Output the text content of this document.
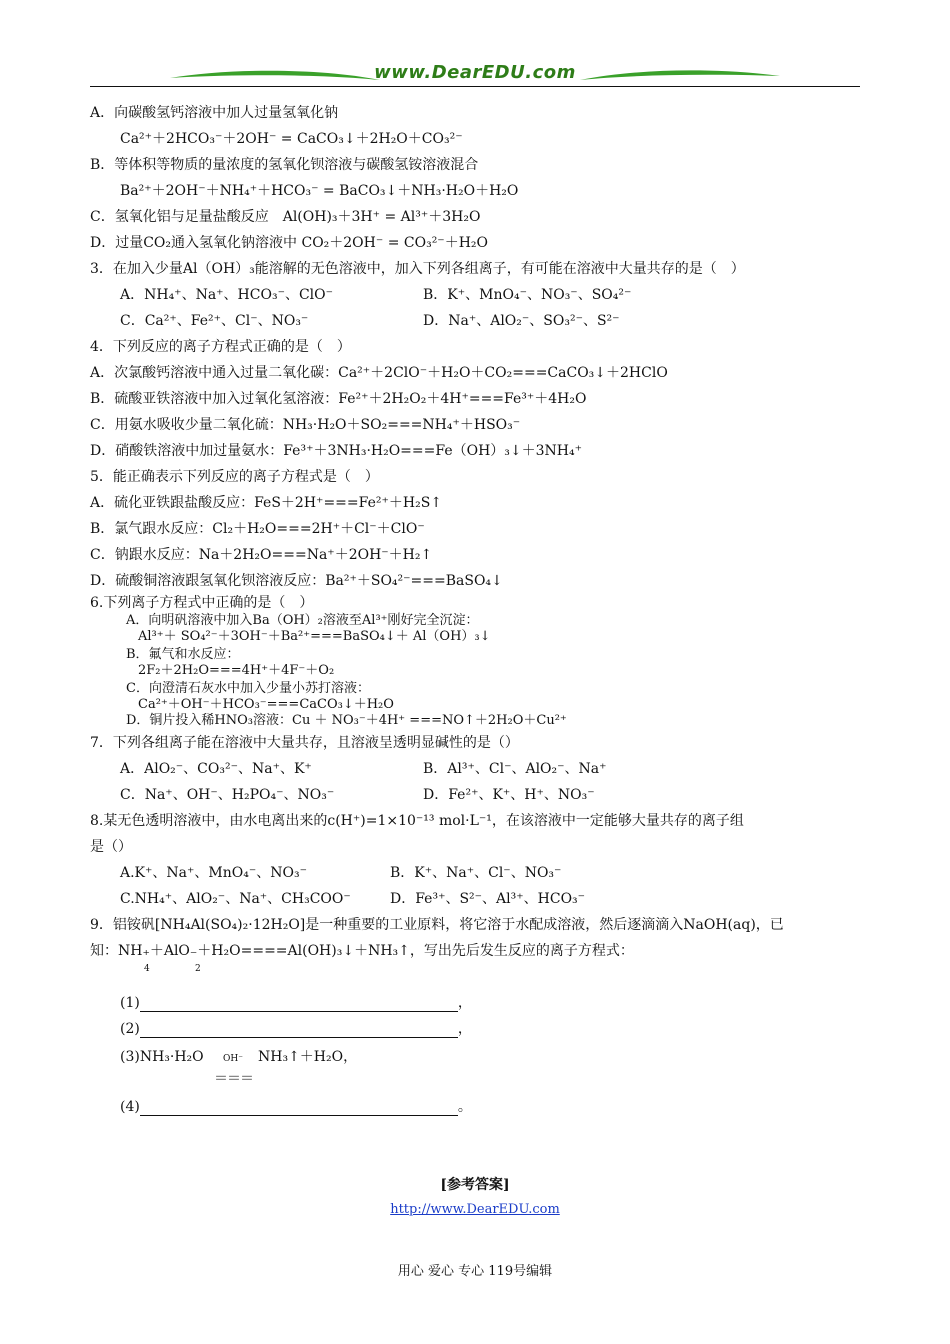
www.DearEDU.com
A．向碳酸氢钙溶液中加人过量氢氧化钠
Ca²⁺＋2HCO₃⁻＋2OH⁻ = CaCO₃↓＋2H₂O＋CO₃²⁻
B．等体积等物质的量浓度的氢氧化钡溶液与碳酸氢铵溶液混合
Ba²⁺＋2OH⁻＋NH₄⁺＋HCO₃⁻ = BaCO₃↓＋NH₃·H₂O＋H₂O
C．氢氧化铝与足量盐酸反应　Al(OH)₃＋3H⁺ = Al³⁺＋3H₂O
D．过量CO₂通入氢氧化钠溶液中 CO₂＋2OH⁻ = CO₃²⁻＋H₂O
3．在加入少量Al（OH）₃能溶解的无色溶液中，加入下列各组离子，有可能在溶液中大量共存的是（　）
A．NH₄⁺、Na⁺、HCO₃⁻、ClO⁻	B．K⁺、MnO₄⁻、NO₃⁻、SO₄²⁻
C．Ca²⁺、Fe²⁺、Cl⁻、NO₃⁻	D．Na⁺、AlO₂⁻、SO₃²⁻、S²⁻
4．下列反应的离子方程式正确的是（　）
A．次氯酸钙溶液中通入过量二氧化碳：Ca²⁺＋2ClO⁻＋H₂O＋CO₂===CaCO₃↓＋2HClO
B．硫酸亚铁溶液中加入过氧化氢溶液：Fe²⁺＋2H₂O₂＋4H⁺===Fe³⁺＋4H₂O
C．用氨水吸收少量二氧化硫：NH₃·H₂O＋SO₂===NH₄⁺＋HSO₃⁻
D．硝酸铁溶液中加过量氨水：Fe³⁺＋3NH₃·H₂O===Fe（OH）₃↓＋3NH₄⁺
5．能正确表示下列反应的离子方程式是（　）
A．硫化亚铁跟盐酸反应：FeS＋2H⁺===Fe²⁺＋H₂S↑
B．氯气跟水反应：Cl₂＋H₂O===2H⁺＋Cl⁻＋ClO⁻
C．钠跟水反应：Na＋2H₂O===Na⁺＋2OH⁻＋H₂↑
D．硫酸铜溶液跟氢氧化钡溶液反应：Ba²⁺＋SO₄²⁻===BaSO₄↓
6.下列离子方程式中正确的是（　）
A．向明矾溶液中加入Ba（OH）₂溶液至Al³⁺刚好完全沉淀：
Al³⁺＋ SO₄²⁻＋3OH⁻＋Ba²⁺===BaSO₄↓＋ Al（OH）₃↓
B．氟气和水反应：
2F₂＋2H₂O===4H⁺＋4F⁻＋O₂
C．向澄清石灰水中加入少量小苏打溶液：
Ca²⁺＋OH⁻＋HCO₃⁻===CaCO₃↓＋H₂O
D．铜片投入稀HNO₃溶液：Cu ＋ NO₃⁻＋4H⁺ ===NO↑＋2H₂O＋Cu²⁺
7．下列各组离子能在溶液中大量共存，且溶液呈透明显碱性的是（）
A．AlO₂⁻、CO₃²⁻、Na⁺、K⁺	B．Al³⁺、Cl⁻、AlO₂⁻、Na⁺
C．Na⁺、OH⁻、H₂PO₄⁻、NO₃⁻	D．Fe²⁺、K⁺、H⁺、NO₃⁻
8.某无色透明溶液中，由水电离出来的c(H⁺)=1×10⁻¹³ mol·L⁻¹，在该溶液中一定能够大量共存的离子组
是（）
A.K⁺、Na⁺、MnO₄⁻、NO₃⁻	B．K⁺、Na⁺、Cl⁻、NO₃⁻
C.NH₄⁺、AlO₂⁻、Na⁺、CH₃COO⁻	D．Fe³⁺、S²⁻、Al³⁺、HCO₃⁻
9．铝铵矾[NH₄Al(SO₄)₂·12H₂O]是一种重要的工业原料，将它溶于水配成溶液，然后逐滴滴入NaOH(aq)，已
知：NH₊＋AlO₋＋H₂O====Al(OH)₃↓＋NH₃↑，写出先后发生反应的离子方程式：
4	2
(1)	，
(2)	，
(3)NH₃·H₂O OH⁻ NH₃↑＋H₂O，
＝＝＝
(4)	。
[参考答案]
http://www.DearEDU.com
用心 爱心 专心 119号编辑
